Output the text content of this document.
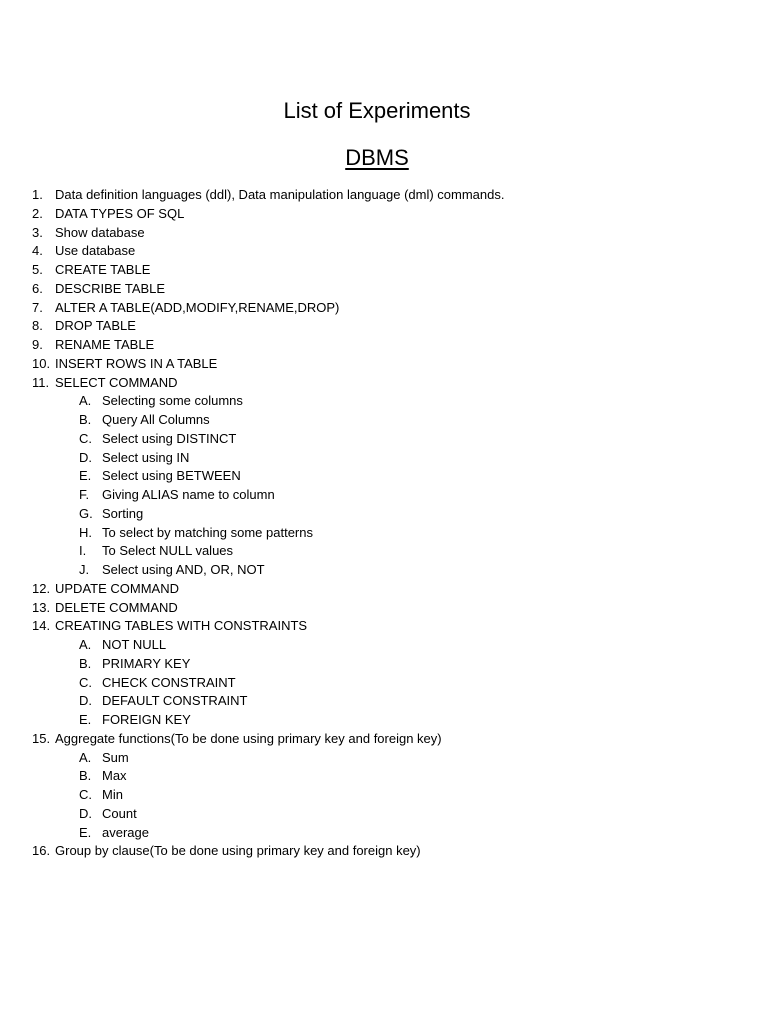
List of Experiments
DBMS
1. Data definition languages (ddl), Data manipulation language (dml) commands.
2. DATA TYPES OF SQL
3. Show database
4. Use database
5. CREATE TABLE
6. DESCRIBE TABLE
7. ALTER A TABLE(ADD,MODIFY,RENAME,DROP)
8. DROP TABLE
9. RENAME TABLE
10. INSERT ROWS IN A TABLE
11. SELECT COMMAND
A. Selecting some columns
B. Query All Columns
C. Select using DISTINCT
D. Select using IN
E. Select using BETWEEN
F. Giving ALIAS name to column
G. Sorting
H. To select by matching some patterns
I. To Select NULL values
J. Select using AND, OR, NOT
12. UPDATE COMMAND
13. DELETE COMMAND
14. CREATING TABLES WITH CONSTRAINTS
A. NOT NULL
B. PRIMARY KEY
C. CHECK CONSTRAINT
D. DEFAULT CONSTRAINT
E. FOREIGN KEY
15. Aggregate functions(To be done using primary key and foreign key)
A. Sum
B. Max
C. Min
D. Count
E. average
16. Group by clause(To be done using primary key and foreign key)
